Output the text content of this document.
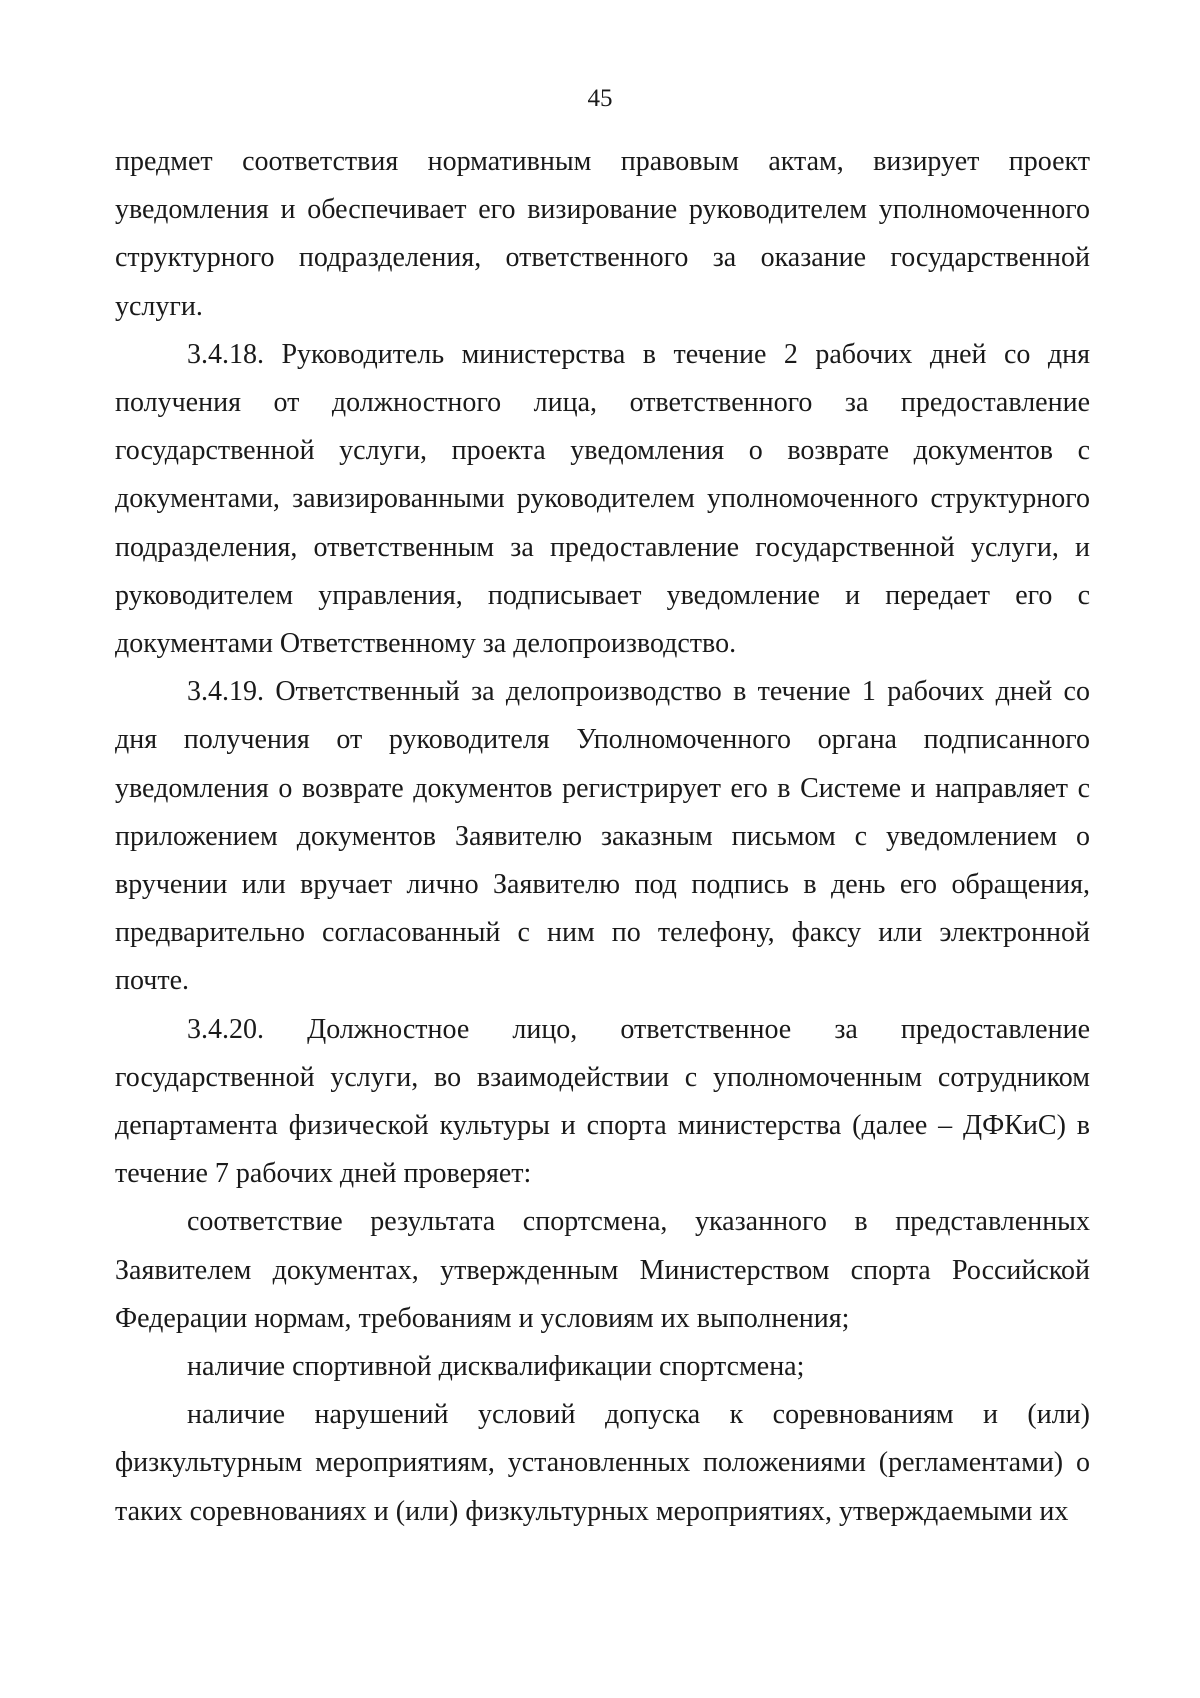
45

предмет соответствия нормативным правовым актам, визирует проект уведомления и обеспечивает его визирование руководителем уполномоченного структурного подразделения, ответственного за оказание государственной услуги.

3.4.18. Руководитель министерства в течение 2 рабочих дней со дня получения от должностного лица, ответственного за предоставление государственной услуги, проекта уведомления о возврате документов с документами, завизированными руководителем уполномоченного структурного подразделения, ответственным за предоставление государственной услуги, и руководителем управления, подписывает уведомление и передает его с документами Ответственному за делопроизводство.

3.4.19. Ответственный за делопроизводство в течение 1 рабочих дней со дня получения от руководителя Уполномоченного органа подписанного уведомления о возврате документов регистрирует его в Системе и направляет с приложением документов Заявителю заказным письмом с уведомлением о вручении или вручает лично Заявителю под подпись в день его обращения, предварительно согласованный с ним по телефону, факсу или электронной почте.

3.4.20. Должностное лицо, ответственное за предоставление государственной услуги, во взаимодействии с уполномоченным сотрудником департамента физической культуры и спорта министерства (далее – ДФКиС) в течение 7 рабочих дней проверяет:

соответствие результата спортсмена, указанного в представленных Заявителем документах, утвержденным Министерством спорта Российской Федерации нормам, требованиям и условиям их выполнения;

наличие спортивной дисквалификации спортсмена;

наличие нарушений условий допуска к соревнованиям и (или) физкультурным мероприятиям, установленных положениями (регламентами) о таких соревнованиях и (или) физкультурных мероприятиях, утверждаемыми их
